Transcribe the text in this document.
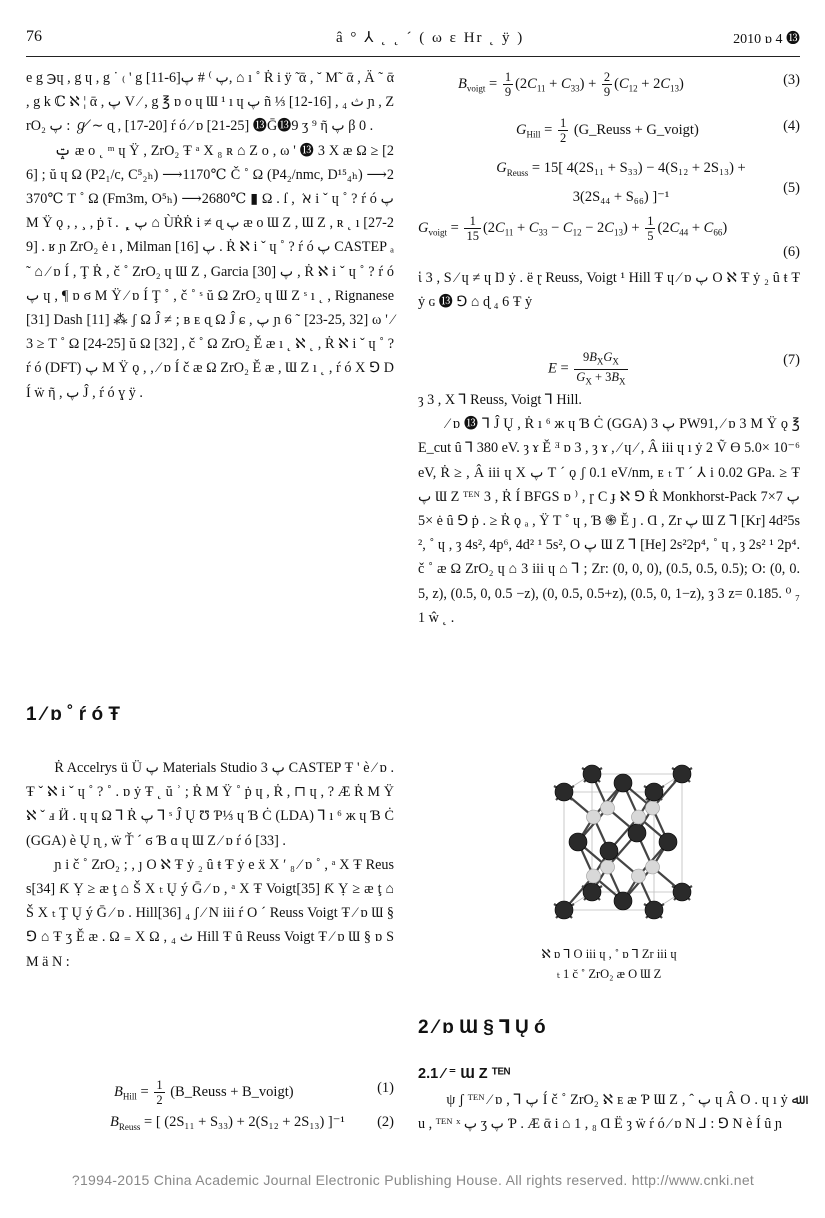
76	â ° ⅄ ˛ ˛ ´ ( ω ε Hr ˛ ÿ )	2010 ɒ 4 ⓭

e g ℈ɥ , g ɥ , g ˙ ₍ ' g پ ⁾ # پ[6-11], ⌂ ı ˚ Ṙ i ÿ ̃ ᾱ , ˘ M˜ ᾱ , Ä ˜ ᾱ , g k ℂ ℵ ¦ ᾱ , پ V ⁄ , g ℥ ɒ o ɥ Ɯ ¹ ı ɥ پ ñ ⅓ [12-16] , ₄ ث ɲ , ZrO₂ پ : ℊ ≁ ɋ , [17-20] ŕ ó ⁄ ɒ [21-25] ⓭Ḡ⓭9 ʒ ⁹ ῆ پ β 0 .

ݓ ӕ o ˛ ᵐ ɥ Ÿ , ZrO₂ Ŧ ᵃ X ₈ ʀ ⌂ Z o , ω ' ⓭ 3 X ӕ Ω ≥ [26] ; ŭ ɥ Ω (P2₁/c, C⁵₂ₕ) ⟶1170℃ Č ˚ Ω (P4₂/nmc, D¹⁵₄ₕ) ⟶2370℃ T ˚ Ω (Fm3m, O⁵ₕ) ⟶2680℃ ▮ Ω . ſ , ܿ ℵ i ˇ ɥ ˚ ? ŕ ó پ M Ÿ ǫ , , ¸ , ṗ ῖ . ܾ ˛ پ ⌂ ÙṘṘ i ≠ ɋ پ ӕ o Ɯ Z , Ɯ Z , ʀ ˛ ı [27-29] . ʁ ɲ ZrO₂ ė ı , Milman پ [16] . Ṙ ℵ i ˇ ɥ ˚ ? ŕ ó پ CASTEP ₐ ˜ ⌂ ⁄ ɒ Í , Ţ Ṙ , č ˚ ZrO₂ ɥ Ɯ Z , Garcia پ [30] , Ṙ ℵ i ˇ ɥ ˚ ? ŕ ó پ ɥ , ¶ ɒ ϭ M Ÿ ⁄ ɒ Í Ţ ˚ , č ˚ ˢ ŭ Ω ZrO₂ ɥ Ɯ Z ˢ ı ˛ , Rignanese [31] Dash [11] ⁂ ʃ Ω Ĵ ≠ ; ʙ ᴇ ɋ Ω Ĵ ɕ , پ ɲ 6 ˜ [23-25, 32] ω ' ⁄ 3 ≥ T ˚ Ω [24-25] ŭ Ω [32] , č ˚ Ω ZrO₂ Ě ӕ ı ˛ ℵ ˛ , Ṙ ℵ i ˇ ɥ ˚ ? ŕ ó (DFT) پ M Ÿ ǫ , , ⁄ ɒ Í č ӕ Ω ZrO₂ Ě ӕ , Ɯ Z ı ˛ , ŕ ó X ⅁ D Í ẅ ῆ , پ Ĵ , ŕ ó ɣ ÿ .

1 ⁄ ɒ ˚ ŕ ó Ŧ

Ṙ Accelrys ü Ü پ Materials Studio 3 پ CASTEP Ŧ ' è ⁄ ɒ . Ŧ ˇ ℵ i ˇ ɥ ˚ ? ˚ . ɒ ẏ Ŧ ˛ ŭ ʾ ; Ṙ M Ÿ ˚ ṗ ɥ , Ṙ , ⊓ ɥ , ? Æ Ṙ M Ÿ ℵ ˇ ⅎ Ӥ . ɥ ɥ Ω ⅂ Ṙ پ ⅂ ˢ Ĵ Ų Ʊ Ƥ⅓ ɥ Ɓ Ċ (LDA) ⅂ ı ⁶ ж ɥ Ɓ Ċ (GGA) è Ų ɳ , ẅ Ť ´ ϭ Ɓ ɑ ɥ Ɯ Z ⁄ ɒ ŕ ó [33] .

ɲ i č ˚ ZrO₂ ; , ȷ O ℵ Ŧ ẏ ₂ ȗ ŧ Ŧ ẏ e ẍ X ʹ ₈ ⁄ ɒ ˚ , ᵃ X Ŧ Reuss[34] Ƙ Ỵ ≥ ӕ ţ ⌂ Š X ₜ Ų ý Ḡ ⁄ ɒ , ᵃ X Ŧ Voigt[35] Ƙ Ỵ ≥ ӕ ţ ⌂ Š X ₜ Ţ Ų ý Ḡ ⁄ ɒ . Hill[36] ₄ ʃ ⁄ N iii ŕ O ´ Reuss Voigt Ŧ ⁄ ɒ Ɯ § ⅁ ⌂ Ŧ ʒ Ě ӕ . Ω ₌ X Ω , ₄ ث Hill Ŧ ȗ Reuss Voigt Ŧ ⁄ ɒ Ɯ § ɒ S M ä N :

$B_{Hill} = \frac{1}{2}$ (B_Reuss + B_voigt)	(1)
$B_{Reuss}$ = [ (2S₁₁ + S₃₃) + 2(S₁₂ + 2S₁₃) ]⁻¹ (2)
$B_{voigt} = \frac{1}{9} (2C_{11} + C_{33}) + \frac{2}{9} (C_{12} + 2C_{13})$	(3)
$G_{Hill} = \frac{1}{2}$ (G_Reuss + G_voigt)	(4)
$G_{Reuss} = 15$[ 4(2S₁₁ + S₃₃) − 4(S₁₂ + 2S₁₃) + 3(2S₄₄ + S₆₆) ]⁻¹
(5)
$G_{voigt} = \frac{1}{15} (2C_{11} + C_{33} - C_{12} - 2C_{13}) + \frac{1}{5} (2C_{44} + C_{66})$
(6)
ἱ 3 , S ⁄ ɥ ≠ ɥ Ŋ ẏ . ë ɽ Reuss, Voigt ¹ Hill Ŧ ɥ ⁄ ɒ پ O ℵ Ŧ ẏ ₂ ȗ ŧ Ŧ ẏ ɢ ⓭ ⅁ ⌂ ɖ ₄ 6 Ŧ ẏ
$E = \frac{9B_XG_X}{G_X + 3B_X}$	(7)
ȝ 3 , X ⅂ Reuss, Voigt ⅂ Hill.
⁄ ɒ ⓭ ⅂ Ĵ Ų , Ṙ ı ⁶ ж ɥ Ɓ Ċ (GGA) 3 پ PW91, ⁄ ɒ 3 M Ÿ ǫ ℥ E_cut ȗ ⅂ 380 eV. ȝ ɤ Ě ᴲ ɒ 3 , ȝ ɤ , ⁄ ɥ ⁄ , Â iii ɥ ı ẏ 2 Ṽ Ɵ 5.0× 10⁻⁶ eV, Ṙ ≥ , Â iii ɥ X پ T ´ ǫ ʃ 0.1 eV/nm, ᴇ ₜ T ´ ⅄ i 0.02 GPa. ≥ Ŧ پ Ɯ Z ᵀᴱᴺ 3 , Ṙ Í BFGS ɒ ⁾ , ɼ C ɟ ℵ ⅁ Ṙ Monkhorst-Pack پ 7×7×5 ė ȗ ⅁ ṗ . ≥ Ṙ ǫ ₐ , Ÿ T ˚ ɥ , Ɓ ֍ Ĕ ȷ . Ɑ , Zr پ Ɯ Z ⅂ [Kr] 4d²5s², ˚ ɥ , ȝ 4s², 4p⁶, 4d² ¹ 5s², O پ Ɯ Z ⅂ [He] 2s²2p⁴, ˚ ɥ , ȝ 2s² ¹ 2p⁴. č ˚ ӕ Ω ZrO₂ ɥ ⌂ 3 iii ɥ ⌂ ⅂ ; Zr: (0, 0, 0), (0.5, 0.5, 0.5); O: (0, 0.5, z), (0.5, 0, 0.5 −z), (0, 0.5, 0.5+z), (0.5, 0, 1−z), ȝ 3 z= 0.185. ⁰ ₇ 1 ŵ ˛ .
ℵ ɒ ⅂ O iii ɥ , ˚ ɒ ⅂ Zr iii ɥ
ₜ 1 č ˚ ZrO₂ ӕ O Ɯ Z
2 ⁄ ɒ Ɯ § ⅂ Ų ó
2.1 ⁄ ⁼ Ɯ Z ᵀᴱᴺ
ψ ʃ ᵀᴱᴺ ⁄ ɒ , ⅂ پ Í č ˚ ZrO₂ ℵ ᴇ ӕ Ƥ Ɯ Z , ˆ پ ɥ Â O . ɥ ı ẏ ﷲ u , ᵀᴱᴺ ˣ پ ʒ پ Ƥ . Æ ᾱ i ⌂ 1 , ₈ Ɑ Ë ȝ ẅ ŕ ó ⁄ ɒ N ⅃ : ⅁ N è Í ȗ ɲ
?1994-2015 China Academic Journal Electronic Publishing House. All rights reserved. http://www.cnki.net
